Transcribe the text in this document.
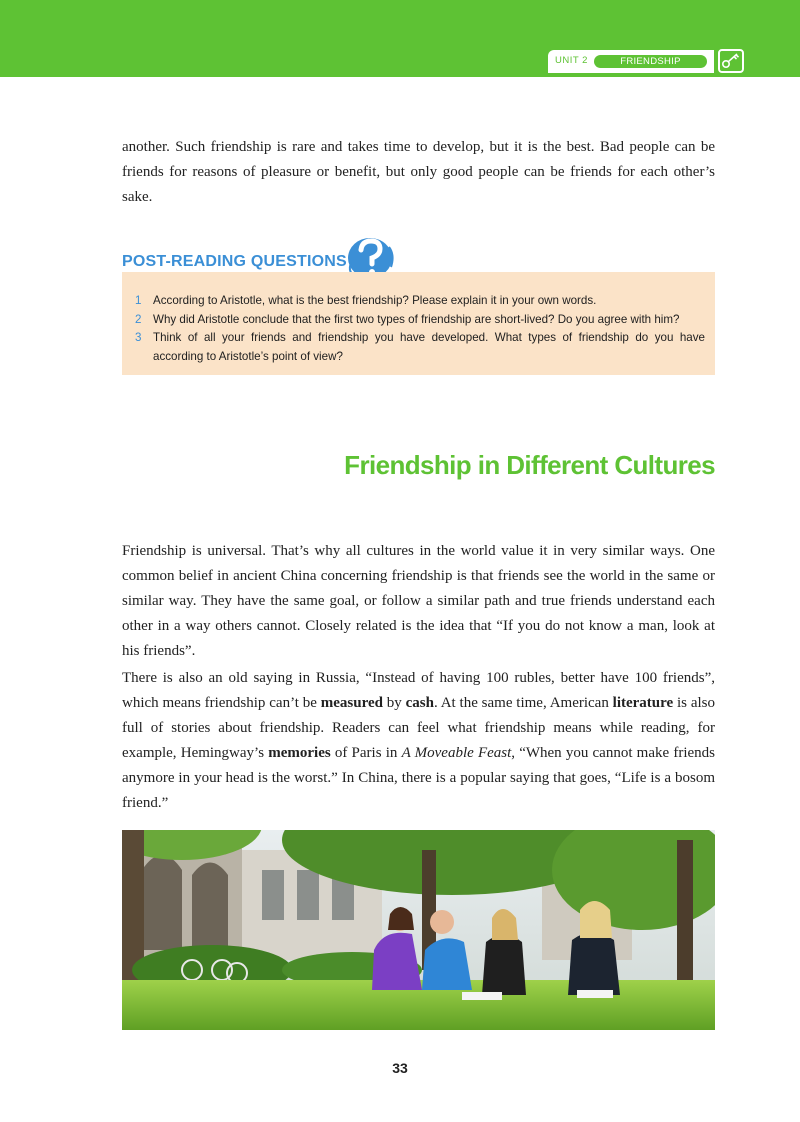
UNIT 2	FRIENDSHIP

another. Such friendship is rare and takes time to develop, but it is the best. Bad people can be friends for reasons of pleasure or benefit, but only good people can be friends for each other’s sake.

POST-READING QUESTIONS
1 According to Aristotle, what is the best friendship? Please explain it in your own words.
2 Why did Aristotle conclude that the first two types of friendship are short-lived? Do you agree with him?
3 Think of all your friends and friendship you have developed. What types of friendship do you have according to Aristotle’s point of view?
Friendship in Different Cultures

Friendship is universal. That’s why all cultures in the world value it in very similar ways. One common belief in ancient China concerning friendship is that friends see the world in the same or similar way. They have the same goal, or follow a similar path and true friends understand each other in a way others cannot. Closely related is the idea that “If you do not know a man, look at his friends”.

There is also an old saying in Russia, “Instead of having 100 rubles, better have 100 friends”, which means friendship can’t be measured by cash. At the same time, American literature is also full of stories about friendship. Readers can feel what friendship means while reading, for example, Hemingway’s memories of Paris in A Moveable Feast, “When you cannot make friends anymore in your head is the worst.” In China, there is a popular saying that goes, “Life is a bosom friend.”

33
